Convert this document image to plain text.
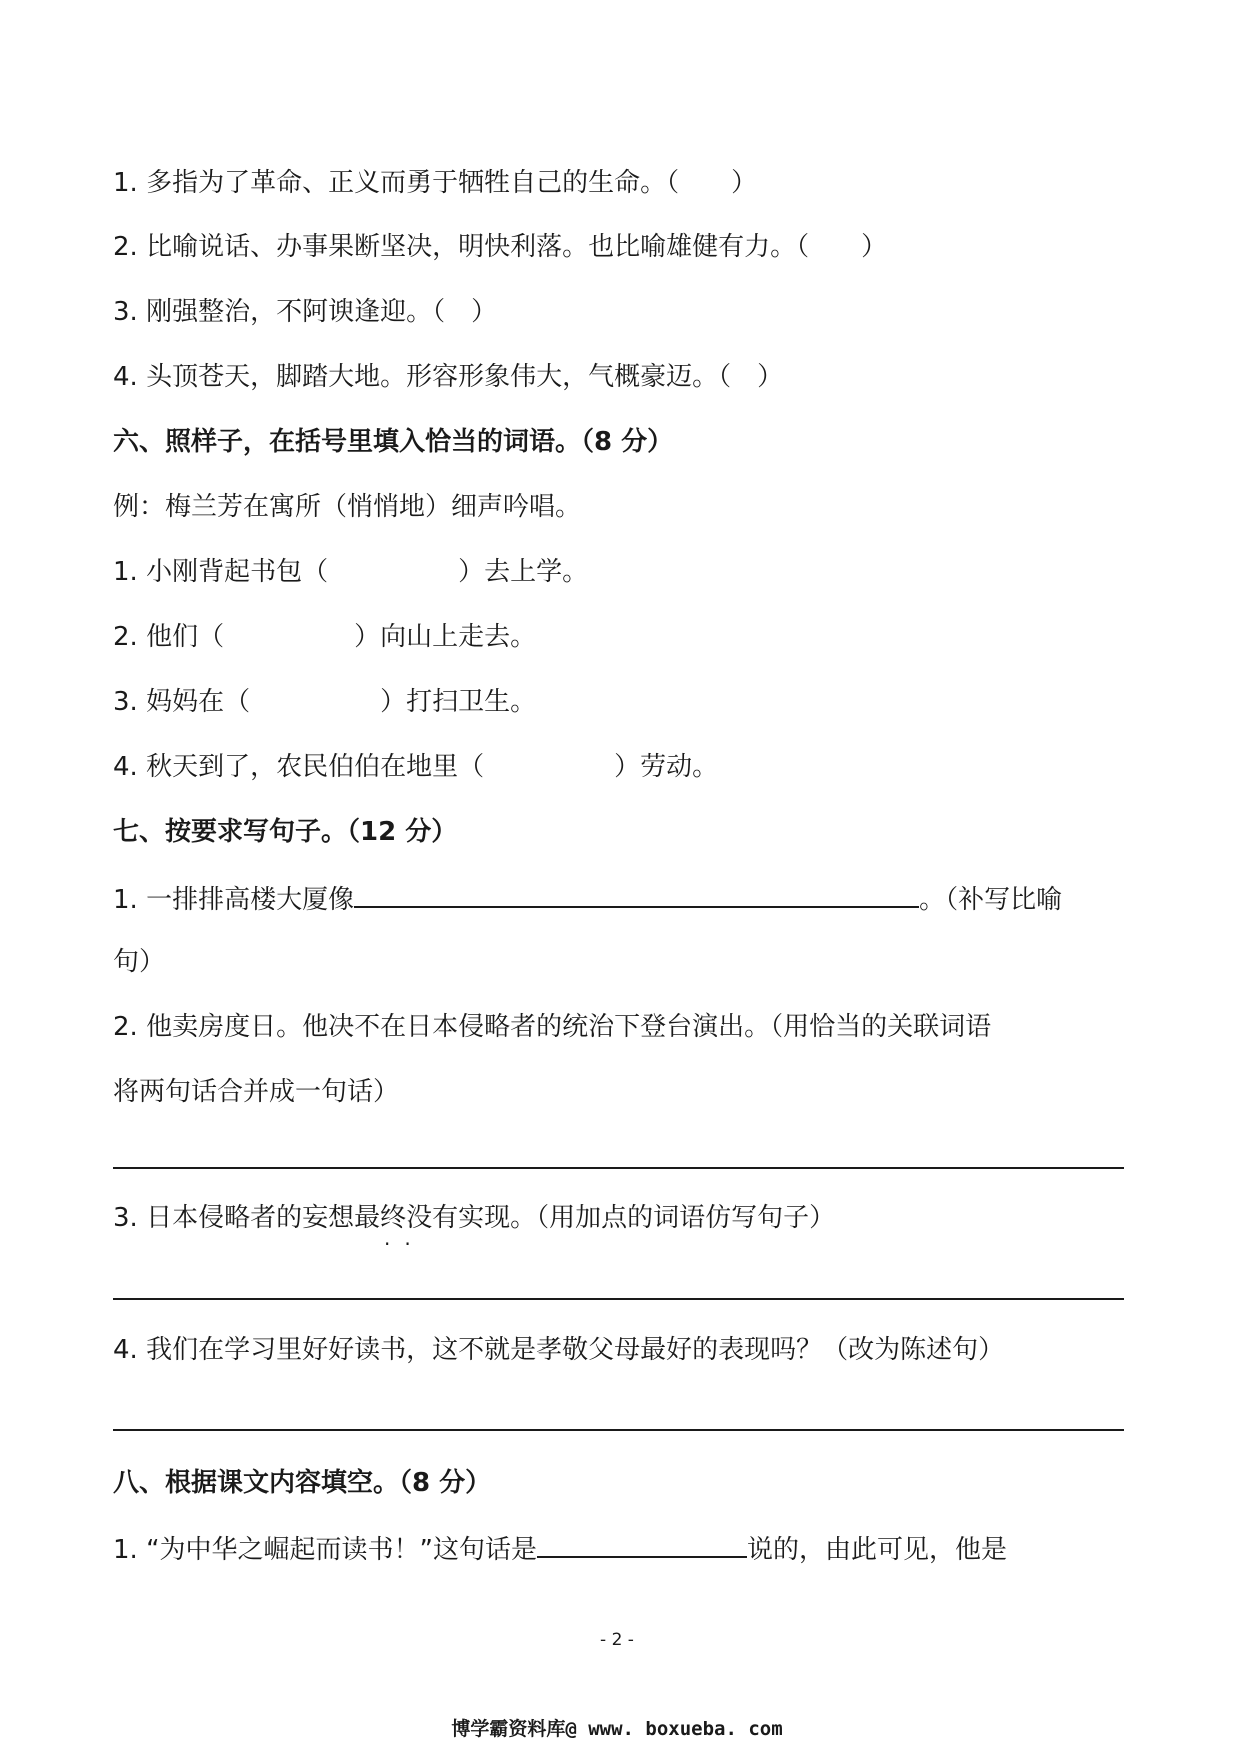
1. 多指为了革命、正义而勇于牺牲自己的生命。（　　）
2. 比喻说话、办事果断坚决，明快利落。也比喻雄健有力。（　　）
3. 刚强整治，不阿谀逢迎。（　）
4. 头顶苍天，脚踏大地。形容形象伟大，气概豪迈。（　）
六、照样子，在括号里填入恰当的词语。（8 分）
例：梅兰芳在寓所（悄悄地）细声吟唱。
1. 小刚背起书包（　　　　　）去上学。
2. 他们（　　　　　）向山上走去。
3. 妈妈在（　　　　　）打扫卫生。
4. 秋天到了，农民伯伯在地里（　　　　　）劳动。
七、按要求写句子。（12 分）
1. 一排排高楼大厦像	。（补写比喻
句）
2. 他卖房度日。他决不在日本侵略者的统治下登台演出。（用恰当的关联词语
将两句话合并成一句话）
3. 日本侵略者的妄想最终没有实现。（用加点的词语仿写句子）
··
4. 我们在学习里好好读书，这不就是孝敬父母最好的表现吗？（改为陈述句）
八、根据课文内容填空。（8 分）
1. “为中华之崛起而读书！”这句话是	说的，由此可见，他是
- 2 -
博学霸资料库@ www. boxueba. com
